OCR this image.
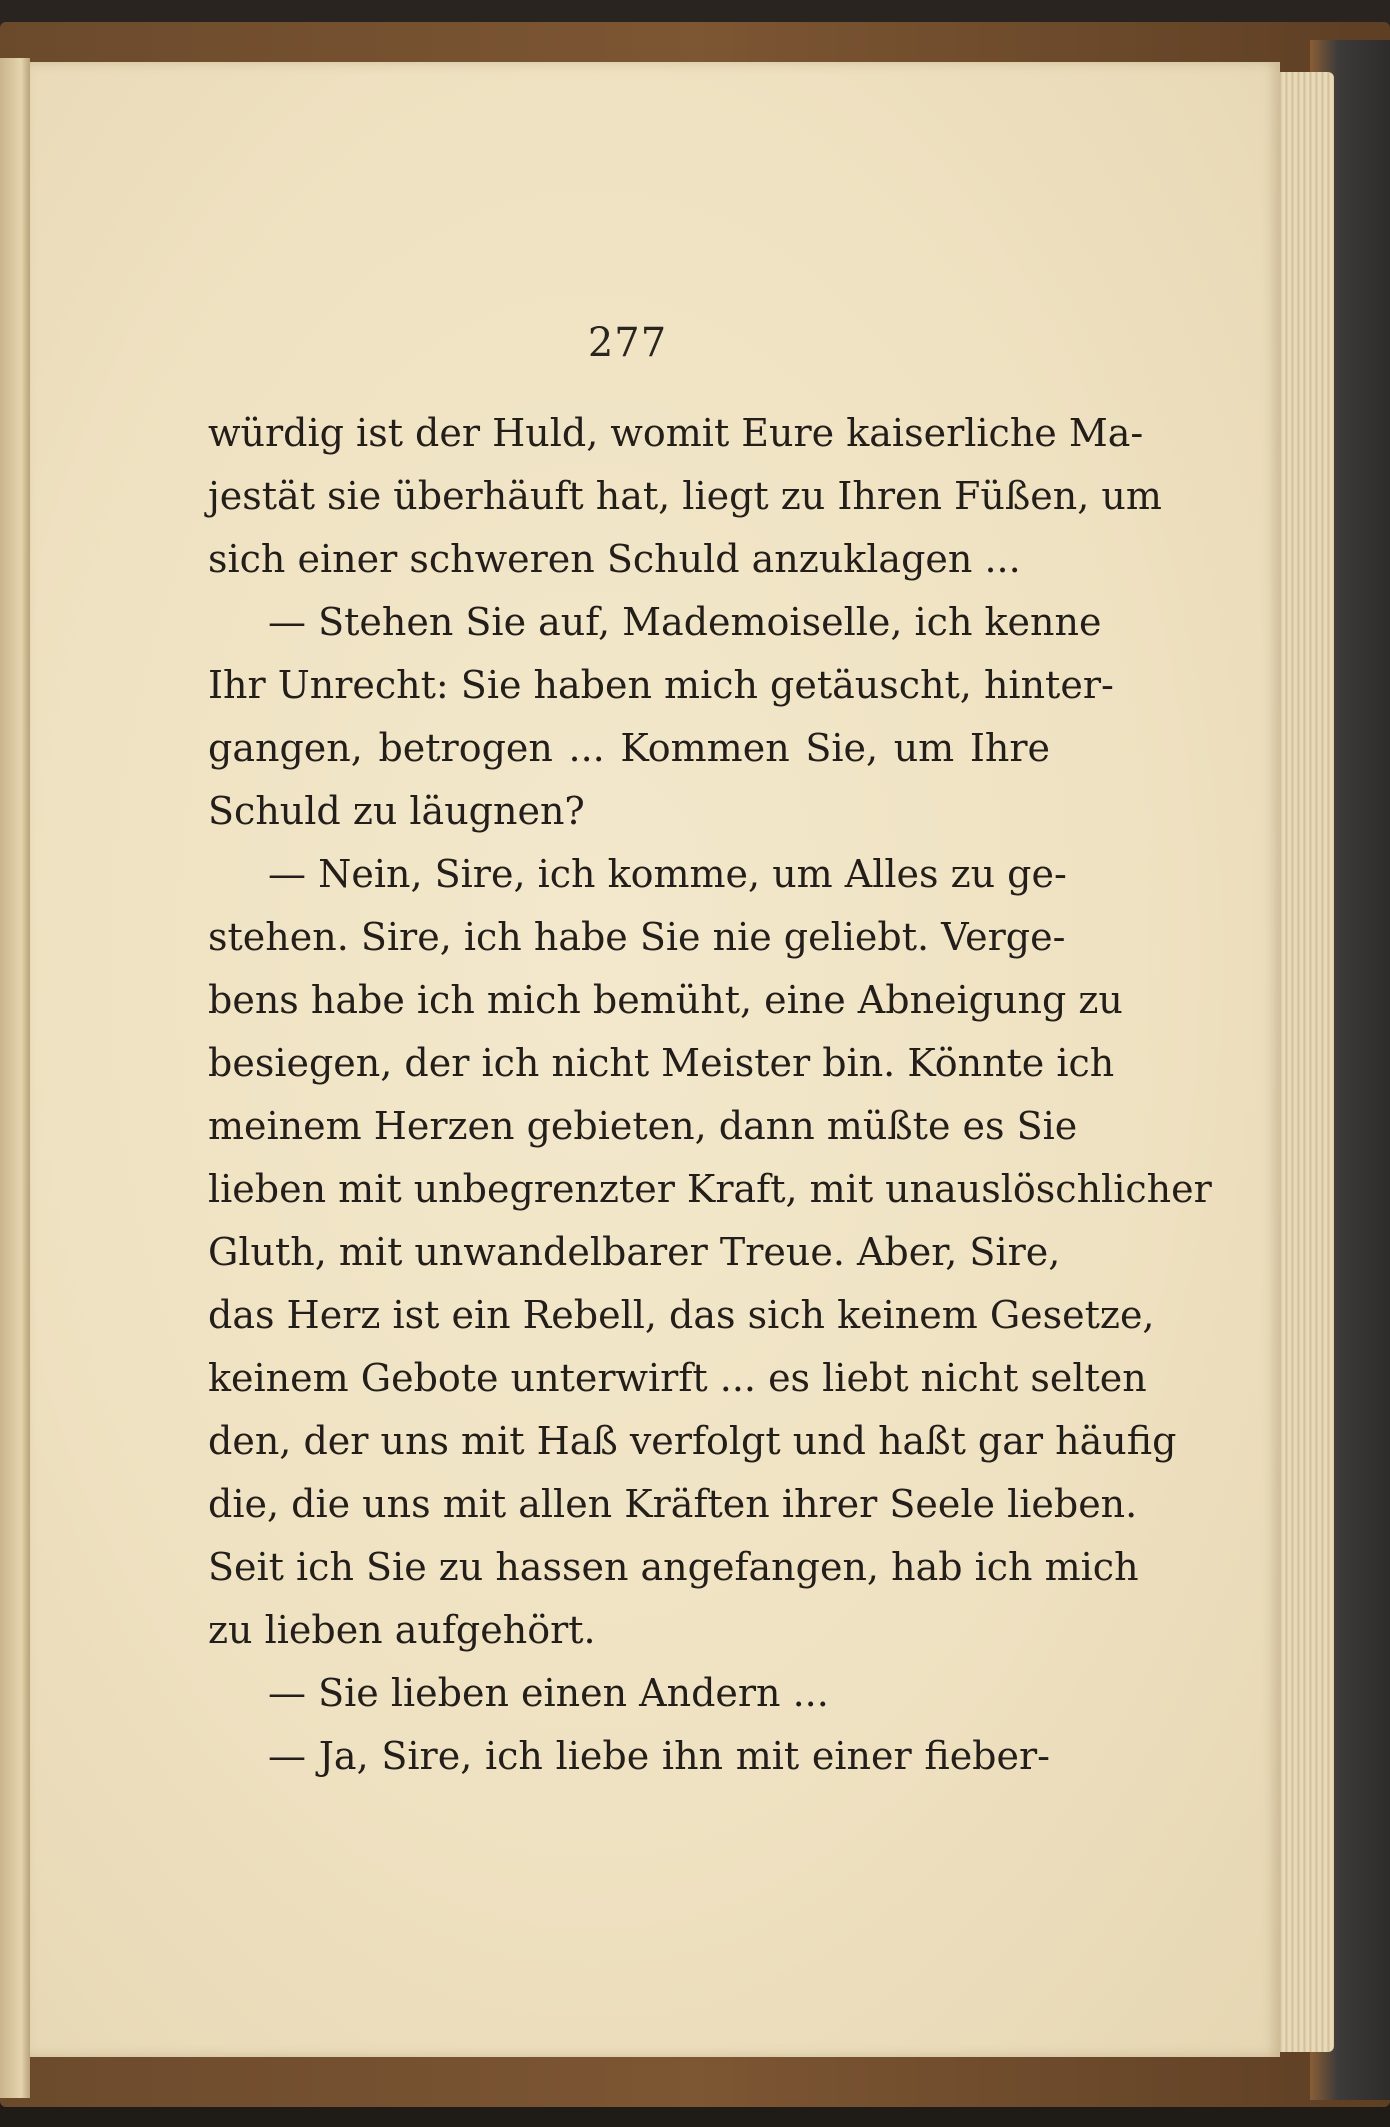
277
würdig ist der Huld, womit Eure kaiserliche Ma-
jestät sie überhäuft hat, liegt zu Ihren Füßen, um
sich einer schweren Schuld anzuklagen ...
— Stehen Sie auf, Mademoiselle, ich kenne
Ihr Unrecht: Sie haben mich getäuscht, hinter-
gangen, betrogen ... Kommen Sie, um Ihre
Schuld zu läugnen?
— Nein, Sire, ich komme, um Alles zu ge-
stehen. Sire, ich habe Sie nie geliebt. Verge-
bens habe ich mich bemüht, eine Abneigung zu
besiegen, der ich nicht Meister bin. Könnte ich
meinem Herzen gebieten, dann müßte es Sie
lieben mit unbegrenzter Kraft, mit unauslöschlicher
Gluth, mit unwandelbarer Treue. Aber, Sire,
das Herz ist ein Rebell, das sich keinem Gesetze,
keinem Gebote unterwirft ... es liebt nicht selten
den, der uns mit Haß verfolgt und haßt gar häufig
die, die uns mit allen Kräften ihrer Seele lieben.
Seit ich Sie zu hassen angefangen, hab ich mich
zu lieben aufgehört.
— Sie lieben einen Andern ...
— Ja, Sire, ich liebe ihn mit einer fieber-
